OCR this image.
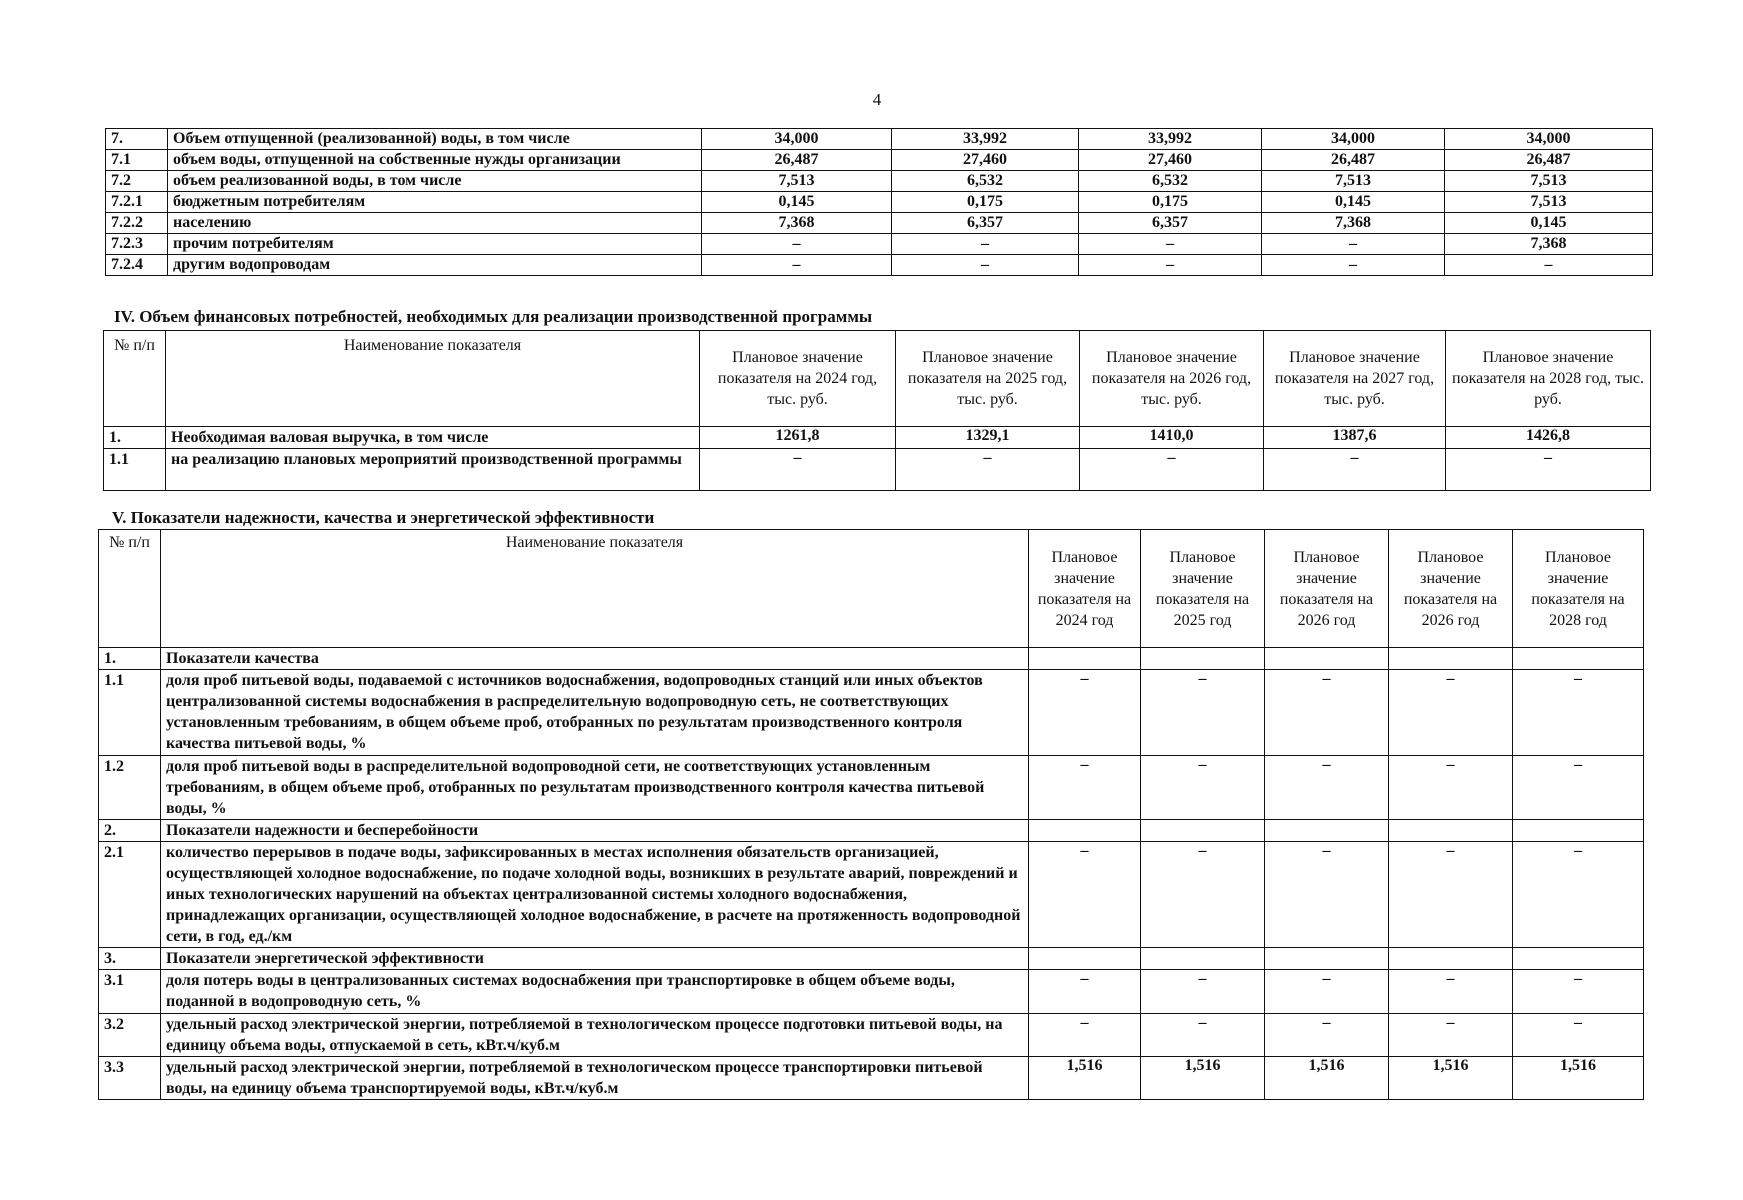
4
7.	Объем отпущенной (реализованной) воды, в том числе	34,000	33,992	33,992	34,000	34,000
7.1	объем воды, отпущенной на собственные нужды организации	26,487	27,460	27,460	26,487	26,487
7.2	объем реализованной воды, в том числе	7,513	6,532	6,532	7,513	7,513
7.2.1	бюджетным потребителям	0,145	0,175	0,175	0,145	7,513
7.2.2	населению	7,368	6,357	6,357	7,368	0,145
7.2.3	прочим потребителям	–	–	–	–	7,368
7.2.4	другим водопроводам	–	–	–	–	–
IV. Объем финансовых потребностей, необходимых для реализации производственной программы
№ п/п	Наименование показателя	Плановое значение показателя на 2024 год, тыс. руб.	Плановое значение показателя на 2025 год, тыс. руб.	Плановое значение показателя на 2026 год, тыс. руб.	Плановое значение показателя на 2027 год, тыс. руб.	Плановое значение показателя на 2028 год, тыс. руб.
1.	Необходимая валовая выручка, в том числе	1261,8	1329,1	1410,0	1387,6	1426,8
1.1	на реализацию плановых мероприятий производственной программы	–	–	–	–	–
V. Показатели надежности, качества и энергетической эффективности
№ п/п	Наименование показателя	Плановое значение показателя на 2024 год	Плановое значение показателя на 2025 год	Плановое значение показателя на 2026 год	Плановое значение показателя на 2026 год	Плановое значение показателя на 2028 год
1.	Показатели качества					
1.1	доля проб питьевой воды, подаваемой с источников водоснабжения, водопроводных станций или иных объектов централизованной системы водоснабжения в распределительную водопроводную сеть, не соответствующих установленным требованиям, в общем объеме проб, отобранных по результатам производственного контроля качества питьевой воды, %	–	–	–	–	–
1.2	доля проб питьевой воды в распределительной водопроводной сети, не соответствующих установленным требованиям, в общем объеме проб, отобранных по результатам производственного контроля качества питьевой воды, %	–	–	–	–	–
2.	Показатели надежности и бесперебойности					
2.1	количество перерывов в подаче воды, зафиксированных в местах исполнения обязательств организацией, осуществляющей холодное водоснабжение, по подаче холодной воды, возникших в результате аварий, повреждений и иных технологических нарушений на объектах централизованной системы холодного водоснабжения, принадлежащих организации, осуществляющей холодное водоснабжение, в расчете на протяженность водопроводной сети, в год, ед./км	–	–	–	–	–
3.	Показатели энергетической эффективности					
3.1	доля потерь воды в централизованных системах водоснабжения при транспортировке в общем объеме воды, поданной в водопроводную сеть, %	–	–	–	–	–
3.2	удельный расход электрической энергии, потребляемой в технологическом процессе подготовки питьевой воды, на единицу объема воды, отпускаемой в сеть, кВт.ч/куб.м	–	–	–	–	–
3.3	удельный расход электрической энергии, потребляемой в технологическом процессе транспортировки питьевой воды, на единицу объема транспортируемой воды, кВт.ч/куб.м	1,516	1,516	1,516	1,516	1,516
